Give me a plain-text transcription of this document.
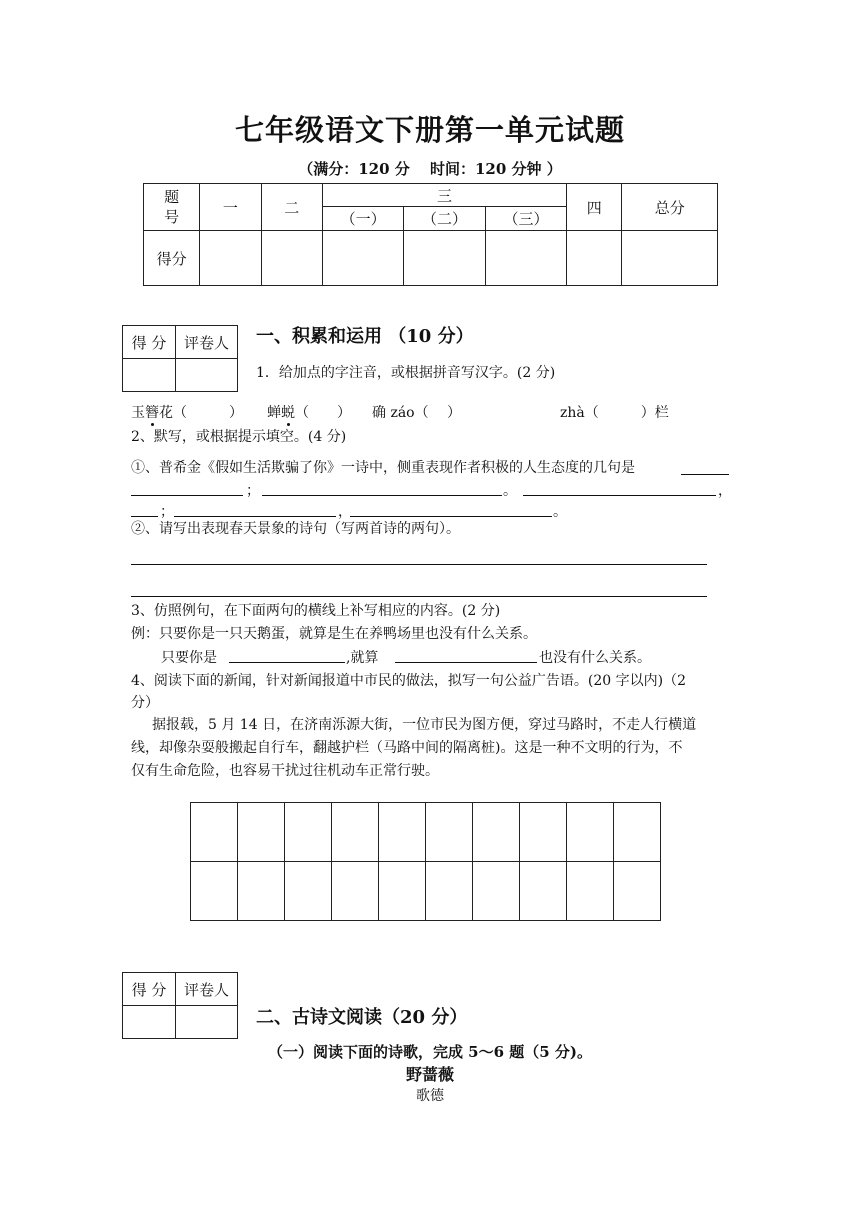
七年级语文下册第一单元试题
（满分：120 分　 时间：120 分钟 ）
题
号	一	二	三			四	总分
			（一）	（二）	（三）		
得分							
得 分	评卷人
	一、积累和运用 （10 分）
1．给加点的字注音，或根据拼音写汉字。(2 分)
玉簪花（　　　） 蝉蜕（　　） 确 záo（　 ）	zhà（　　　）栏
2、默写，或根据提示填空。(4 分)
①、普希金《假如生活欺骗了你》一诗中，侧重表现作者积极的人生态度的几句是
；	。	，
；	，	。
②、请写出表现春天景象的诗句（写两首诗的两句）。
3、仿照例句，在下面两句的横线上补写相应的内容。(2 分)
例：只要你是一只天鹅蛋，就算是生在养鸭场里也没有什么关系。
只要你是	,就算	也没有什么关系。
4、阅读下面的新闻，针对新闻报道中市民的做法，拟写一句公益广告语。(20 字以内)（2
分）
据报载，5 月 14 日，在济南泺源大街，一位市民为图方便，穿过马路时，不走人行横道
线，却像杂耍般搬起自行车，翻越护栏（马路中间的隔离桩)。这是一种不文明的行为，不
仅有生命危险，也容易干扰过往机动车正常行驶。

得 分	评卷人

二、古诗文阅读（20 分）
（一）阅读下面的诗歌，完成 5～6 题（5 分)。
野蔷薇
歌德
